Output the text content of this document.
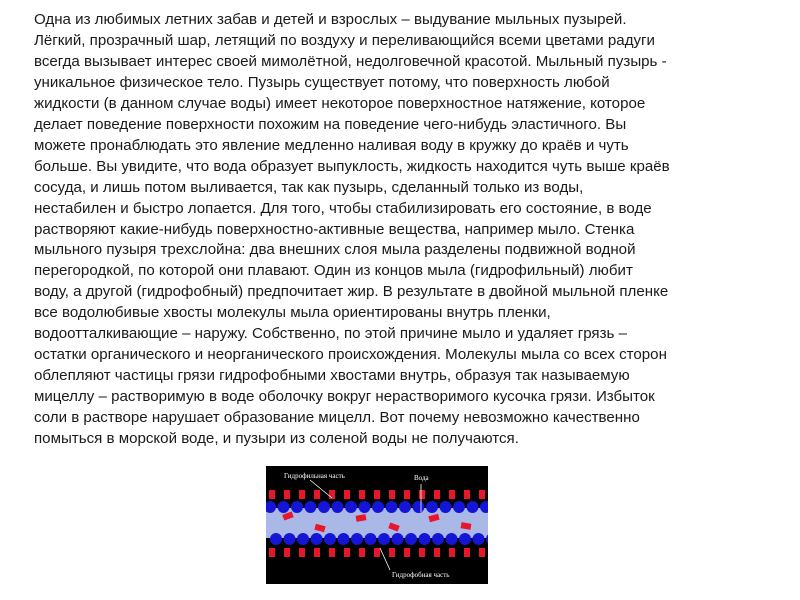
Одна из любимых летних забав и детей и взрослых – выдувание мыльных пузырей.
Лёгкий, прозрачный шар, летящий по воздуху и переливающийся всеми цветами радуги
всегда вызывает интерес своей мимолётной, недолговечной красотой. Мыльный пузырь -
уникальное физическое тело. Пузырь существует потому, что поверхность любой
жидкости (в данном случае воды) имеет некоторое поверхностное натяжение, которое
делает поведение поверхности похожим на поведение чего-нибудь эластичного. Вы
можете пронаблюдать это явление медленно наливая воду в кружку до краёв и чуть
больше. Вы увидите, что вода образует выпуклость, жидкость находится чуть выше краёв
сосуда, и лишь потом выливается, так как пузырь, сделанный только из воды,
нестабилен и быстро лопается. Для того, чтобы стабилизировать его состояние, в воде
растворяют какие-нибудь поверхностно-активные вещества, например мыло. Стенка
мыльного пузыря трехслойна: два внешних слоя мыла разделены подвижной водной
перегородкой, по которой они плавают. Один из концов мыла (гидрофильный) любит
воду, а другой (гидрофобный) предпочитает жир. В результате в двойной мыльной пленке
все водолюбивые хвосты молекулы мыла ориентированы внутрь пленки,
водоотталкивающие – наружу. Собственно, по этой причине мыло и удаляет грязь –
остатки органического и неорганического происхождения. Молекулы мыла со всех сторон
облепляют частицы грязи гидрофобными хвостами внутрь, образуя так называемую
мицеллу – растворимую в воде оболочку вокруг нерастворимого кусочка грязи. Избыток
соли в растворе нарушает образование мицелл. Вот почему невозможно качественно
помыться в морской воде, и пузыри из соленой воды не получаются.

Гидрофильная часть	Вода
Гидрофобная часть
